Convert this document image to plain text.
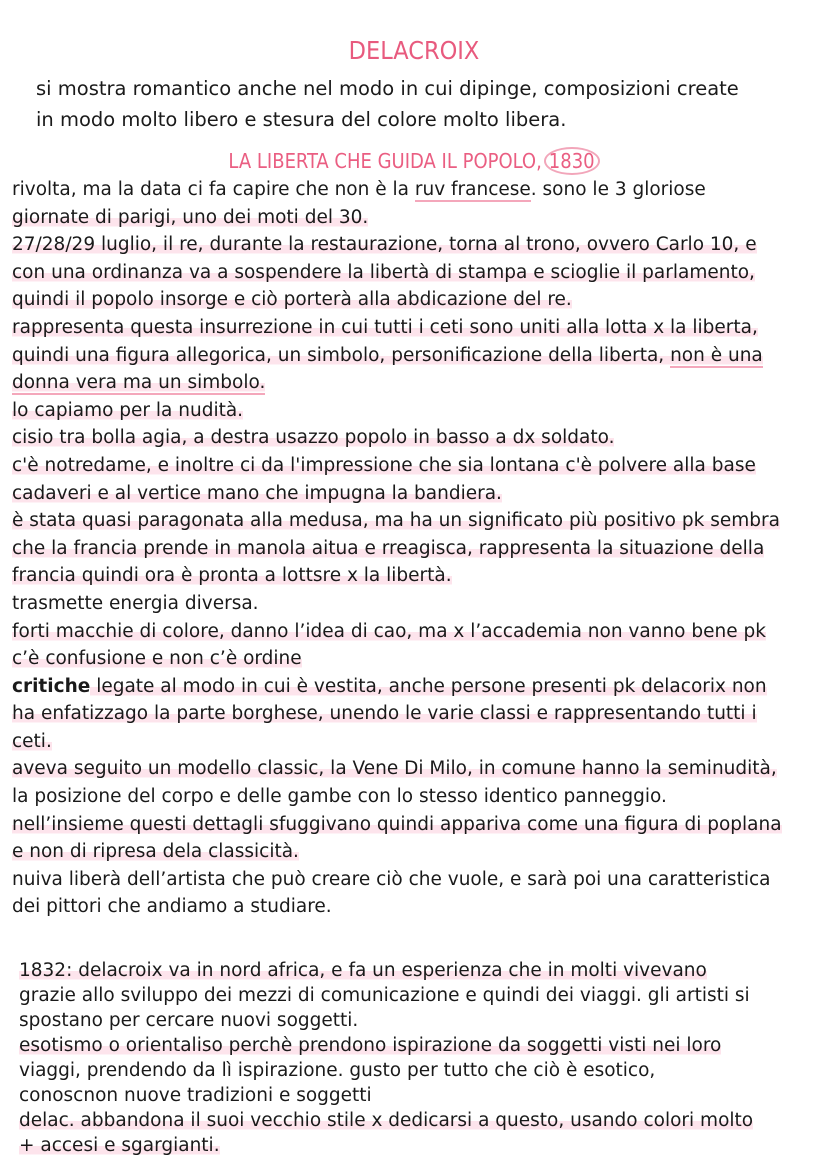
DELACROIX
si mostra romantico anche nel modo in cui dipinge, composizioni create
in modo molto libero e stesura del colore molto libera.
LA LIBERTA CHE GUIDA IL POPOLO, 1830
rivolta, ma la data ci fa capire che non è la ruv francese. sono le 3 gloriose
giornate di parigi, uno dei moti del 30.
27/28/29 luglio, il re, durante la restaurazione, torna al trono, ovvero Carlo 10, e
con una ordinanza va a sospendere la libertà di stampa e scioglie il parlamento,
quindi il popolo insorge e ciò porterà alla abdicazione del re.
rappresenta questa insurrezione in cui tutti i ceti sono uniti alla lotta x la liberta,
quindi una figura allegorica, un simbolo, personificazione della liberta, non è una
donna vera ma un simbolo.
lo capiamo per la nudità.
cisio tra bolla agia, a destra usazzo popolo in basso a dx soldato.
c'è notredame, e inoltre ci da l'impressione che sia lontana c'è polvere alla base
cadaveri e al vertice mano che impugna la bandiera.
è stata quasi paragonata alla medusa, ma ha un significato più positivo pk sembra
che la francia prende in manola aitua e rreagisca, rappresenta la situazione della
francia quindi ora è pronta a lottsre x la libertà.
trasmette energia diversa.
forti macchie di colore, danno l’idea di cao, ma x l’accademia non vanno bene pk
c’è confusione e non c’è ordine
critiche legate al modo in cui è vestita, anche persone presenti pk delacorix non
ha enfatizzago la parte borghese, unendo le varie classi e rappresentando tutti i
ceti.
aveva seguito un modello classic, la Vene Di Milo, in comune hanno la seminudità,
la posizione del corpo e delle gambe con lo stesso identico panneggio.
nell’insieme questi dettagli sfuggivano quindi appariva come una figura di poplana
e non di ripresa dela classicità.
nuiva liberà dell’artista che può creare ciò che vuole, e sarà poi una caratteristica
dei pittori che andiamo a studiare.
1832: delacroix va in nord africa, e fa un esperienza che in molti vivevano
grazie allo sviluppo dei mezzi di comunicazione e quindi dei viaggi. gli artisti si
spostano per cercare nuovi soggetti.
esotismo o orientaliso perchè prendono ispirazione da soggetti visti nei loro
viaggi, prendendo da lì ispirazione. gusto per tutto che ciò è esotico,
conoscnon nuove tradizioni e soggetti
delac. abbandona il suoi vecchio stile x dedicarsi a questo, usando colori molto
+ accesi e sgargianti.
